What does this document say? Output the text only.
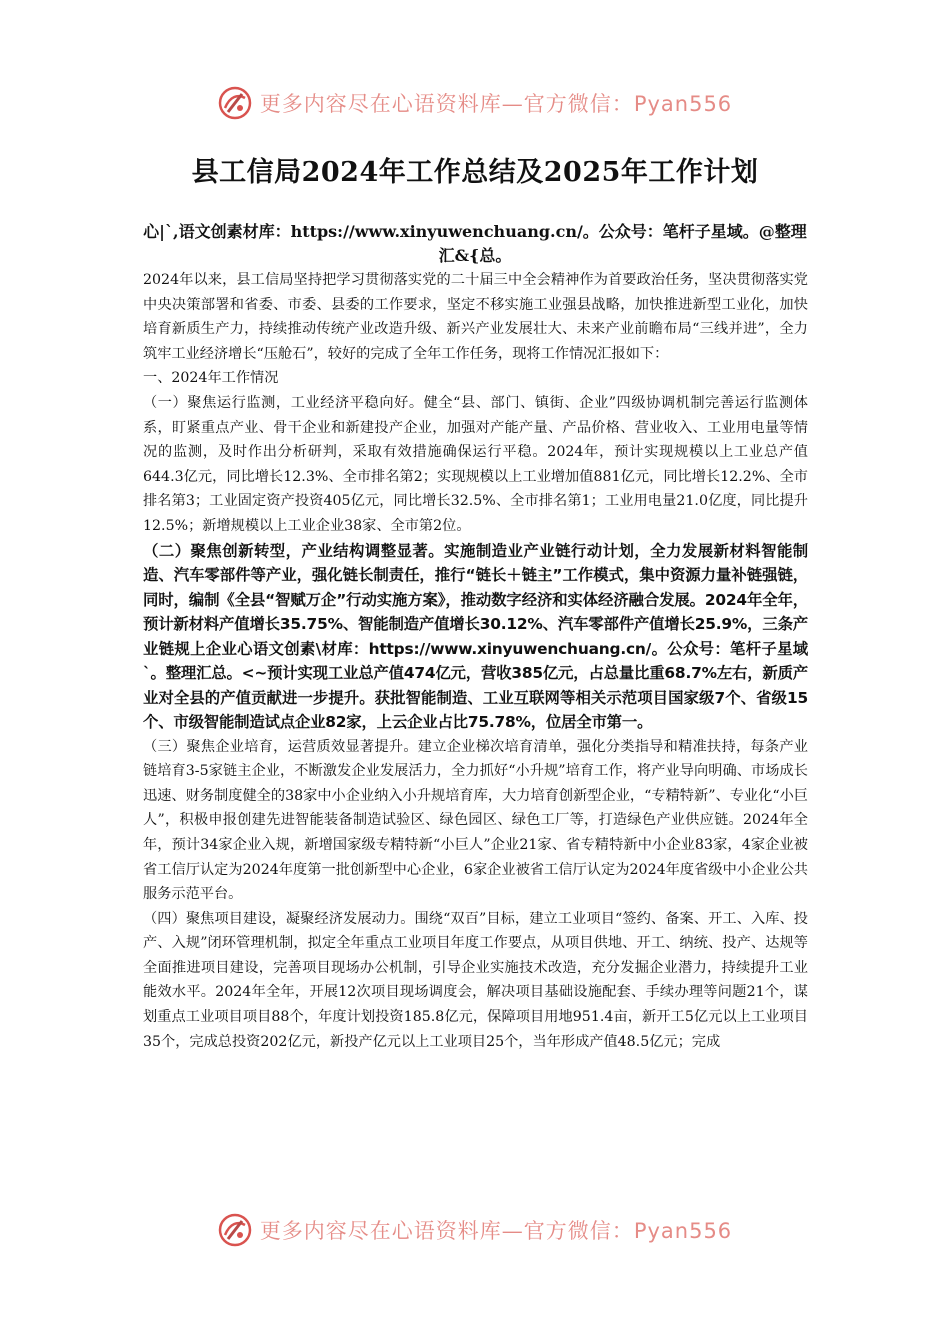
更多内容尽在心语资料库—官方微信：Pyan556
县工信局2024年工作总结及2025年工作计划
心|`,语文创素材库：https://www.xinyuwenchuang.cn/。公众号：笔杆子星域。@整理汇&{总。

2024年以来，县工信局坚持把学习贯彻落实党的二十届三中全会精神作为首要政治任务，坚决贯彻落实党中央决策部署和省委、市委、县委的工作要求，坚定不移实施工业强县战略，加快推进新型工业化，加快培育新质生产力，持续推动传统产业改造升级、新兴产业发展壮大、未来产业前瞻布局“三线并进”，全力筑牢工业经济增长“压舱石”，较好的完成了全年工作任务，现将工作情况汇报如下：

一、2024年工作情况

（一）聚焦运行监测，工业经济平稳向好。健全“县、部门、镇街、企业”四级协调机制完善运行监测体系，盯紧重点产业、骨干企业和新建投产企业，加强对产能产量、产品价格、营业收入、工业用电量等情况的监测，及时作出分析研判，采取有效措施确保运行平稳。2024年，预计实现规模以上工业总产值644.3亿元，同比增长12.3%、全市排名第2；实现规模以上工业增加值881亿元，同比增长12.2%、全市排名第3；工业固定资产投资405亿元，同比增长32.5%、全市排名第1；工业用电量21.0亿度，同比提升12.5%；新增规模以上工业企业38家、全市第2位。

（二）聚焦创新转型，产业结构调整显著。实施制造业产业链行动计划，全力发展新材料智能制造、汽车零部件等产业，强化链长制责任，推行“链长＋链主”工作模式，集中资源力量补链强链，同时，编制《全县“智赋万企”行动实施方案》，推动数字经济和实体经济融合发展。2024年全年，预计新材料产值增长35.75%、智能制造产值增长30.12%、汽车零部件产值增长25.9%，三条产业链规上企业心语文创素\材库：https://www.xinyuwenchuang.cn/。公众号：笔杆子星域`。整理汇总。<~预计实现工业总产值474亿元，营收385亿元，占总量比重68.7%左右，新质产业对全县的产值贡献进一步提升。获批智能制造、工业互联网等相关示范项目国家级7个、省级15个、市级智能制造试点企业82家，上云企业占比75.78%，位居全市第一。

（三）聚焦企业培育，运营质效显著提升。建立企业梯次培育清单，强化分类指导和精准扶持，每条产业链培育3-5家链主企业，不断激发企业发展活力，全力抓好“小升规”培育工作，将产业导向明确、市场成长迅速、财务制度健全的38家中小企业纳入小升规培育库，大力培育创新型企业，“专精特新”、专业化“小巨人”，积极申报创建先进智能装备制造试验区、绿色园区、绿色工厂等，打造绿色产业供应链。2024年全年，预计34家企业入规，新增国家级专精特新“小巨人”企业21家、省专精特新中小企业83家，4家企业被省工信厅认定为2024年度第一批创新型中心企业，6家企业被省工信厅认定为2024年度省级中小企业公共服务示范平台。

（四）聚焦项目建设，凝聚经济发展动力。围绕“双百”目标，建立工业项目“签约、备案、开工、入库、投产、入规”闭环管理机制，拟定全年重点工业项目年度工作要点，从项目供地、开工、纳统、投产、达规等全面推进项目建设，完善项目现场办公机制，引导企业实施技术改造，充分发掘企业潜力，持续提升工业能效水平。2024年全年，开展12次项目现场调度会，解决项目基础设施配套、手续办理等问题21个，谋划重点工业项目项目88个，年度计划投资185.8亿元，保障项目用地951.4亩，新开工5亿元以上工业项目35个，完成总投资202亿元，新投产亿元以上工业项目25个，当年形成产值48.5亿元；完成

更多内容尽在心语资料库—官方微信：Pyan556
